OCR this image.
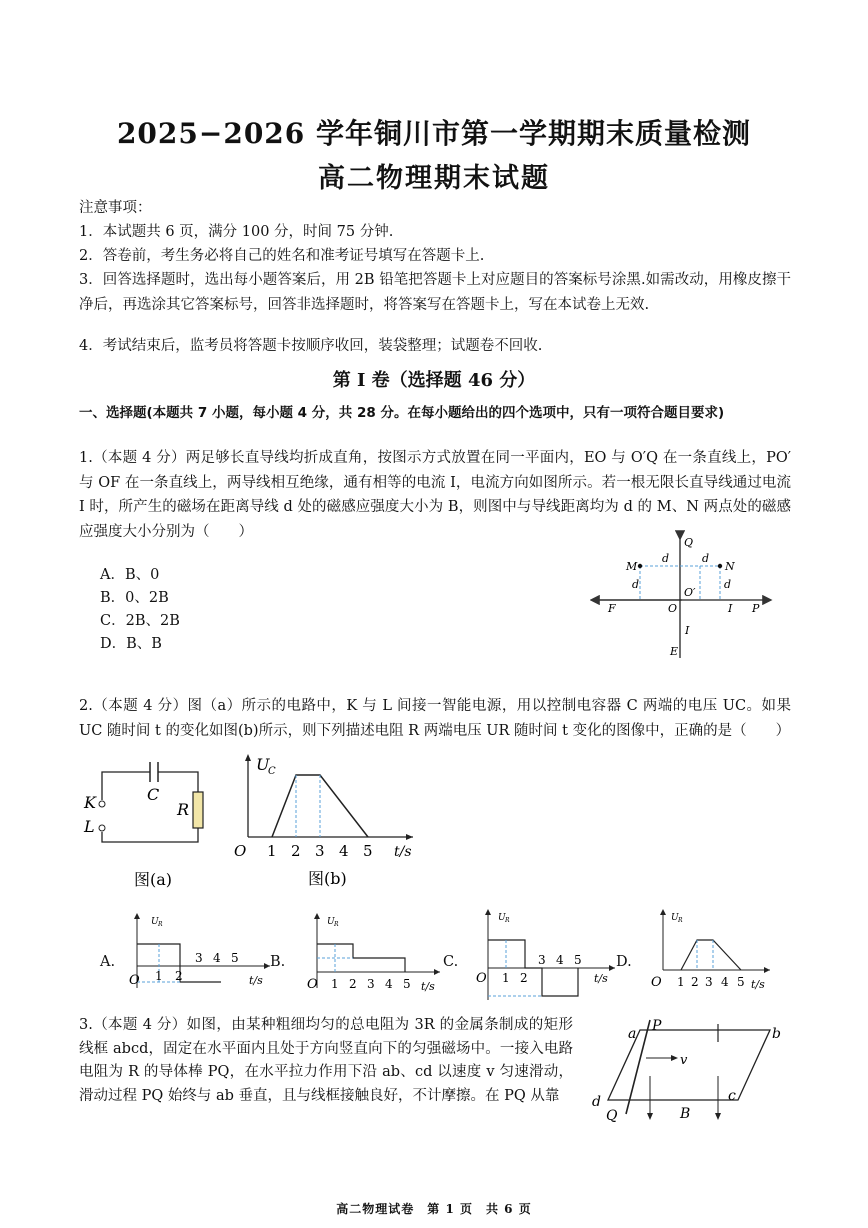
2025−2026 学年铜川市第一学期期末质量检测
高二物理期末试题
注意事项：
1．本试题共 6 页，满分 100 分，时间 75 分钟.
2．答卷前，考生务必将自己的姓名和准考证号填写在答题卡上.
3．回答选择题时，选出每小题答案后，用 2B 铅笔把答题卡上对应题目的答案标号涂黑.如需改动，用橡皮擦干净后，再选涂其它答案标号，回答非选择题时，将答案写在答题卡上，写在本试卷上无效.
4．考试结束后，监考员将答题卡按顺序收回，装袋整理；试题卷不回收.
第 Ⅰ 卷（选择题 46 分）
一、选择题(本题共 7 小题，每小题 4 分，共 28 分。在每小题给出的四个选项中，只有一项符合题目要求)
1.（本题 4 分）两足够长直导线均折成直角，按图示方式放置在同一平面内，EO 与 O′Q 在一条直线上，PO′与 OF 在一条直线上，两导线相互绝缘，通有相等的电流 I，电流方向如图所示。若一根无限长直导线通过电流 I 时，所产生的磁场在距离导线 d 处的磁感应强度大小为 B，则图中与导线距离均为 d 的 M、N 两点处的磁感应强度大小分别为（　　）
A．B、0
B．0、2B
C．2B、2B
D．B、B
Q
M	N
d	d
d	d
O
O′
F	I P
I
E
2.（本题 4 分）图（a）所示的电路中，K 与 L 间接一智能电源，用以控制电容器 C 两端的电压 UC。如果 UC 随时间 t 的变化如图(b)所示，则下列描述电阻 R 两端电压 UR 随时间 t 变化的图像中，正确的是（　　）
K
L
C
R
图(a)
U
C
O 1 2 3 4 5 t/s
图(b)
A.
U R
O 1 2
3 4 5
t/s
B.
U R
O 1 2 3 4 5 t/s
C.
U R
O 1 2
3 4 5
t/s
D.
U R
O 1 2 3 4 5 t/s
3.（本题 4 分）如图，由某种粗细均匀的总电阻为 3R 的金属条制成的矩形线框 abcd，固定在水平面内且处于方向竖直向下的匀强磁场中。一接入电路电阻为 R 的导体棒 PQ，在水平拉力作用下沿 ab、cd 以速度 v 匀速滑动，滑动过程 PQ 始终与 ab 垂直，且与线框接触良好，不计摩擦。在 PQ 从靠
a P	b
v
d
Q
c
B
高二物理试卷　第 1 页　共 6 页
